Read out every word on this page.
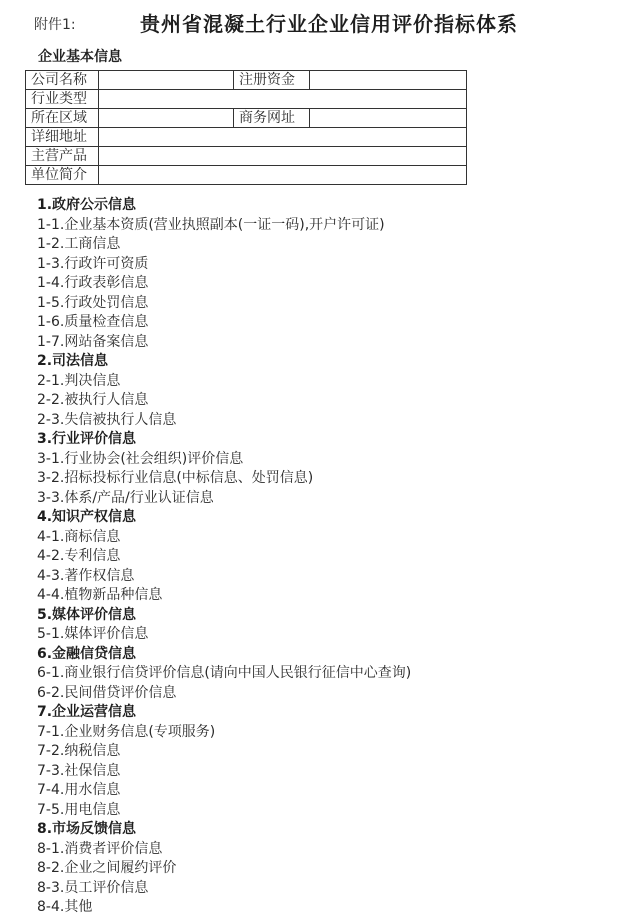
附件1:	贵州省混凝土行业企业信用评价指标体系
企业基本信息
公司名称		注册资金	
行业类型			
所在区域		商务网址	
详细地址			
主营产品			
单位简介			
1.政府公示信息
1-1.企业基本资质(营业执照副本(一证一码),开户许可证)
1-2.工商信息
1-3.行政许可资质
1-4.行政表彰信息
1-5.行政处罚信息
1-6.质量检查信息
1-7.网站备案信息
2.司法信息
2-1.判决信息
2-2.被执行人信息
2-3.失信被执行人信息
3.行业评价信息
3-1.行业协会(社会组织)评价信息
3-2.招标投标行业信息(中标信息、处罚信息)
3-3.体系/产品/行业认证信息
4.知识产权信息
4-1.商标信息
4-2.专利信息
4-3.著作权信息
4-4.植物新品种信息
5.媒体评价信息
5-1.媒体评价信息
6.金融信贷信息
6-1.商业银行信贷评价信息(请向中国人民银行征信中心查询)
6-2.民间借贷评价信息
7.企业运营信息
7-1.企业财务信息(专项服务)
7-2.纳税信息
7-3.社保信息
7-4.用水信息
7-5.用电信息
8.市场反馈信息
8-1.消费者评价信息
8-2.企业之间履约评价
8-3.员工评价信息
8-4.其他
